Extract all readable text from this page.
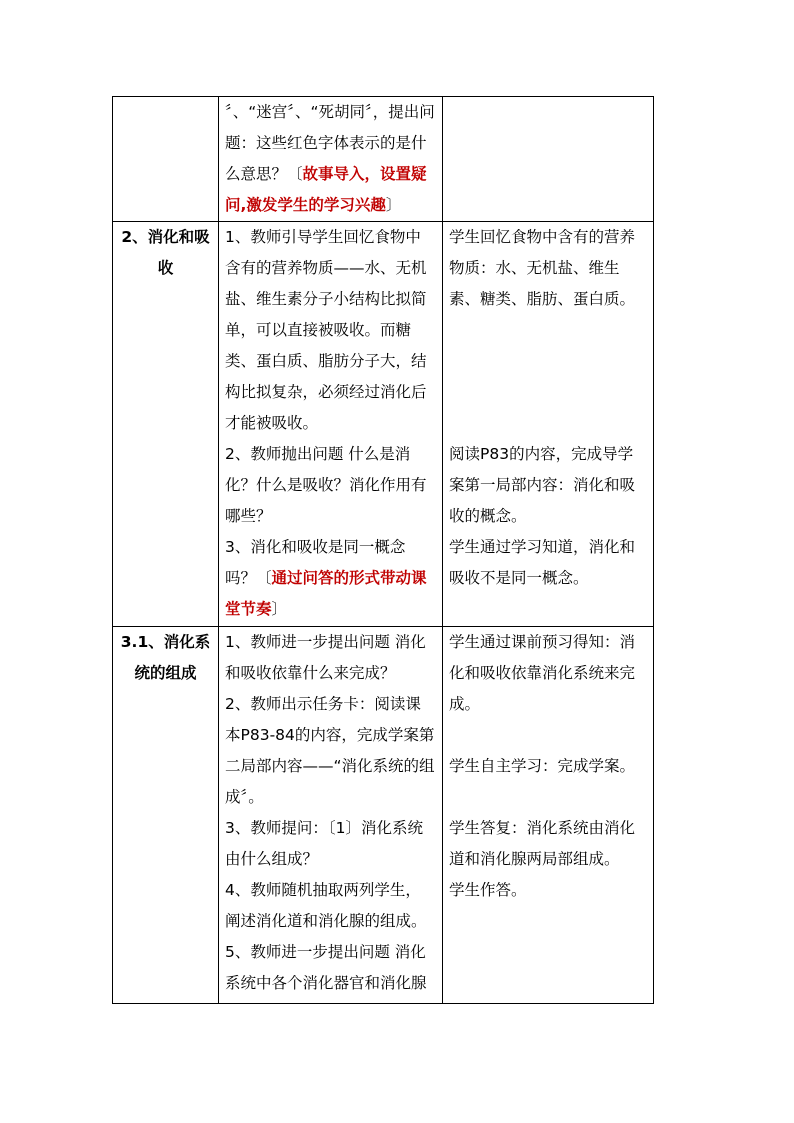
	〞、“迷宫〞、“死胡同〞，提出问题：这些红色字体表示的是什么意思？〔故事导入，设置疑问,激发学生的学习兴趣〕	
2、消化和吸收	1、教师引导学生回忆食物中含有的营养物质——水、无机盐、维生素分子小结构比拟简单，可以直接被吸收。而糖类、蛋白质、脂肪分子大，结构比拟复杂，必须经过消化后才能被吸收。
2、教师抛出问题 什么是消化？什么是吸收？消化作用有哪些？
3、消化和吸收是同一概念吗？〔通过问答的形式带动课堂节奏〕	学生回忆食物中含有的营养物质：水、无机盐、维生素、糖类、脂肪、蛋白质。
阅读P83的内容，完成导学案第一局部内容：消化和吸收的概念。
学生通过学习知道，消化和吸收不是同一概念。

3.1、消化系统的组成	1、教师进一步提出问题 消化和吸收依靠什么来完成？
2、教师出示任务卡：阅读课本P83-84的内容，完成学案第二局部内容——“消化系统的组成〞。
3、教师提问：〔1〕消化系统由什么组成？
4、教师随机抽取两列学生，阐述消化道和消化腺的组成。
5、教师进一步提出问题 消化系统中各个消化器官和消化腺	学生通过课前预习得知：消化和吸收依靠消化系统来完成。
学生自主学习：完成学案。
学生答复：消化系统由消化道和消化腺两局部组成。
学生作答。
